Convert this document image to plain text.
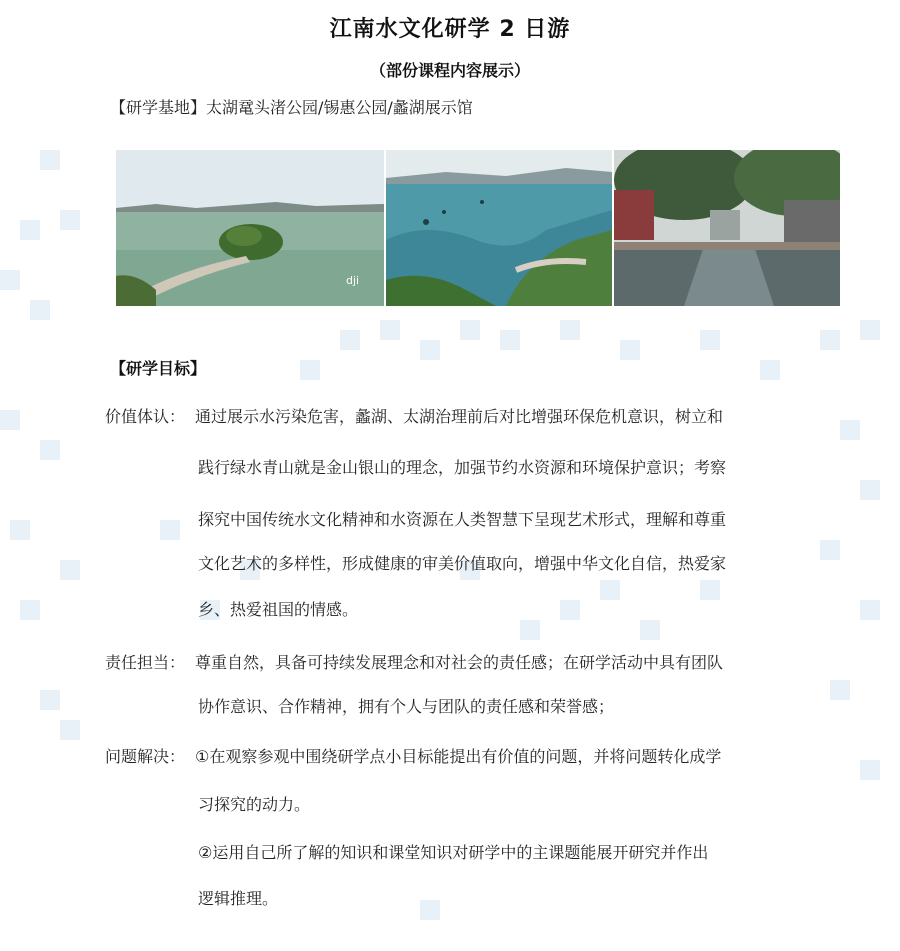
江南水文化研学 2 日游
（部份课程内容展示）
【研学基地】太湖鼋头渚公园/锡惠公园/蠡湖展示馆
dji
【研学目标】
价值体认： 通过展示水污染危害，蠡湖、太湖治理前后对比增强环保危机意识，树立和
践行绿水青山就是金山银山的理念，加强节约水资源和环境保护意识；考察
探究中国传统水文化精神和水资源在人类智慧下呈现艺术形式，理解和尊重
文化艺术的多样性，形成健康的审美价值取向，增强中华文化自信，热爱家
乡、热爱祖国的情感。
责任担当： 尊重自然，具备可持续发展理念和对社会的责任感；在研学活动中具有团队
协作意识、合作精神，拥有个人与团队的责任感和荣誉感；
问题解决： ①在观察参观中围绕研学点小目标能提出有价值的问题，并将问题转化成学
习探究的动力。
②运用自己所了解的知识和课堂知识对研学中的主课题能展开研究并作出
逻辑推理。
